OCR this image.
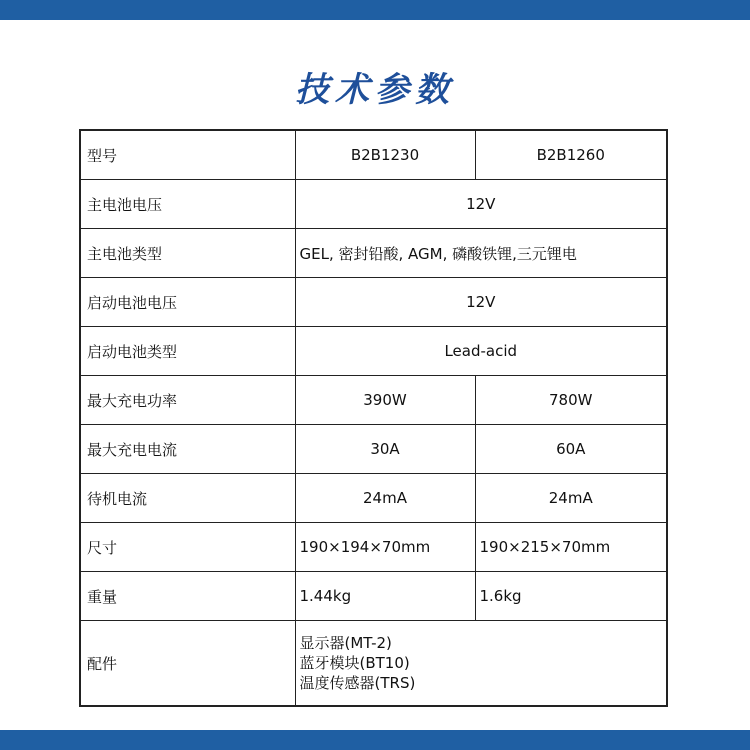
技术参数
型号	B2B1230	B2B1260
主电池电压	12V	
主电池类型	GEL, 密封铅酸, AGM, 磷酸铁锂,三元锂电	
启动电池电压	12V	
启动电池类型	Lead-acid	
最大充电功率	390W	780W
最大充电电流	30A	60A
待机电流	24mA	24mA
尺寸	190×194×70mm	190×215×70mm
重量	1.44kg	1.6kg
配件	显示器(MT-2)
蓝牙模块(BT10)
温度传感器(TRS)	
